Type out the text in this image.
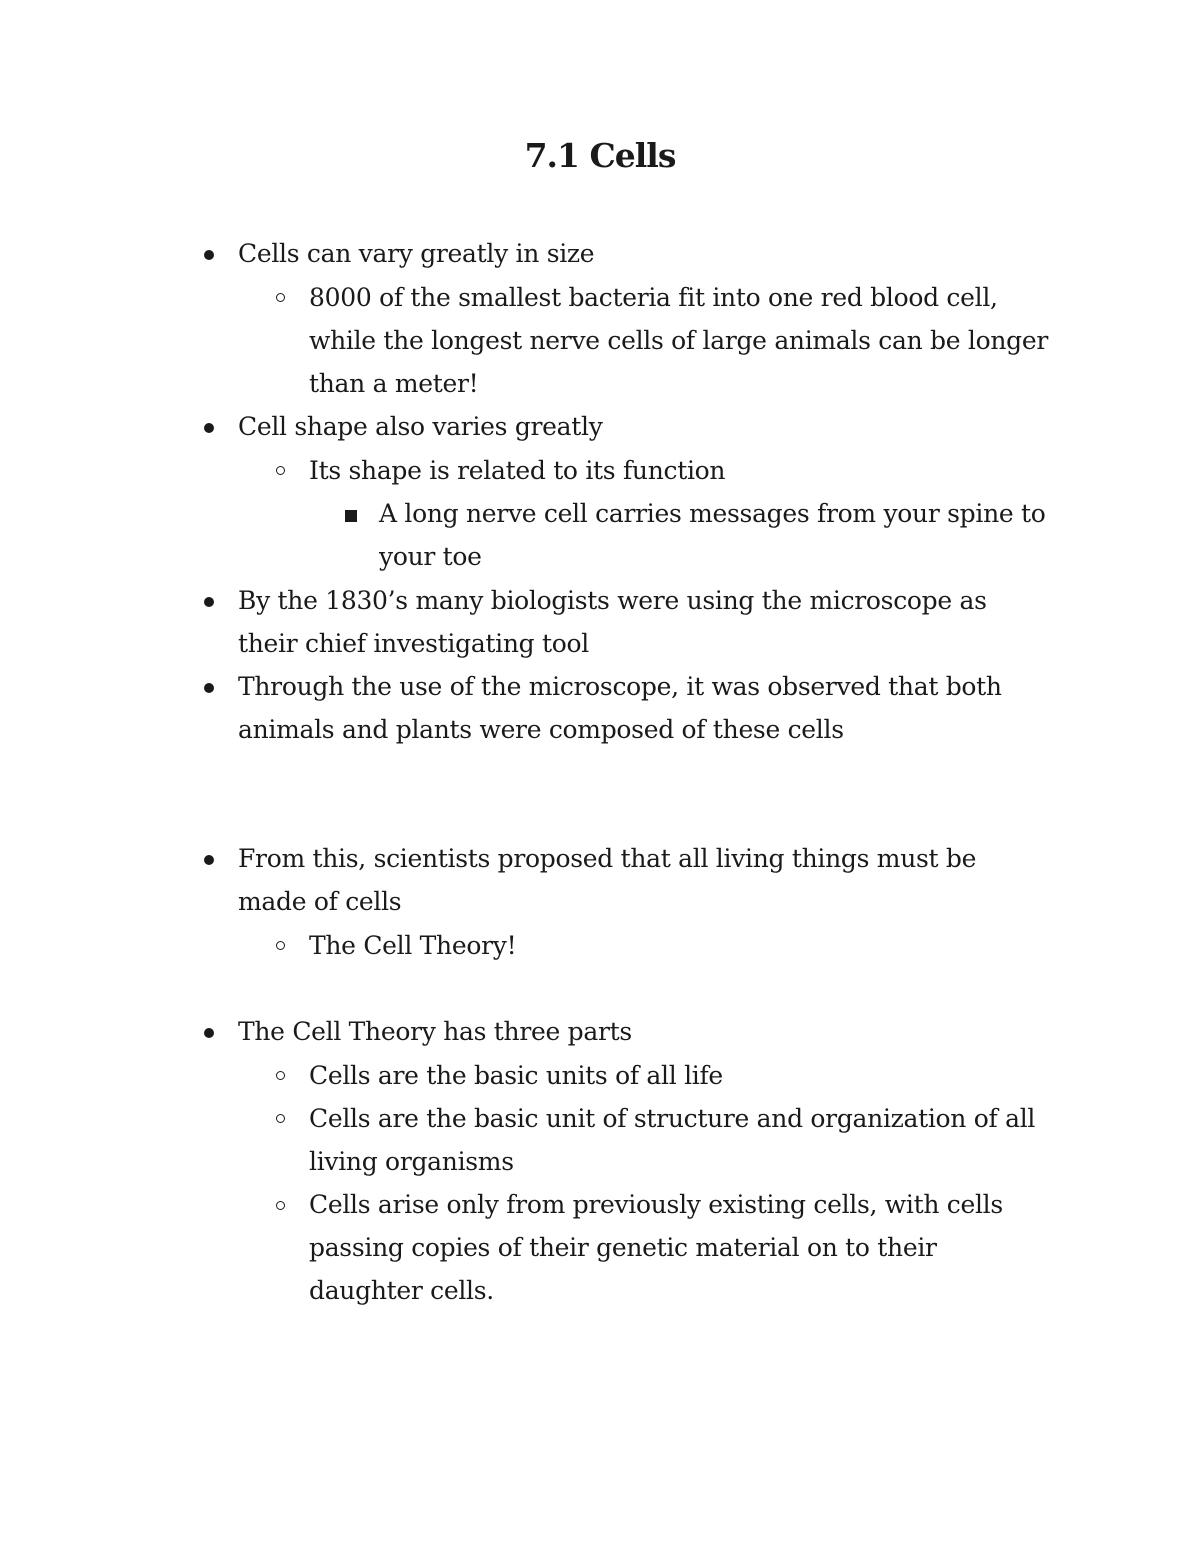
7.1 Cells
Cells can vary greatly in size
8000 of the smallest bacteria fit into one red blood cell, while the longest nerve cells of large animals can be longer than a meter!
Cell shape also varies greatly
Its shape is related to its function
A long nerve cell carries messages from your spine to your toe
By the 1830’s many biologists were using the microscope as their chief investigating tool
Through the use of the microscope, it was observed that both animals and plants were composed of these cells
From this, scientists proposed that all living things must be made of cells
The Cell Theory!
The Cell Theory has three parts
Cells are the basic units of all life
Cells are the basic unit of structure and organization of all living organisms
Cells arise only from previously existing cells, with cells passing copies of their genetic material on to their daughter cells.
